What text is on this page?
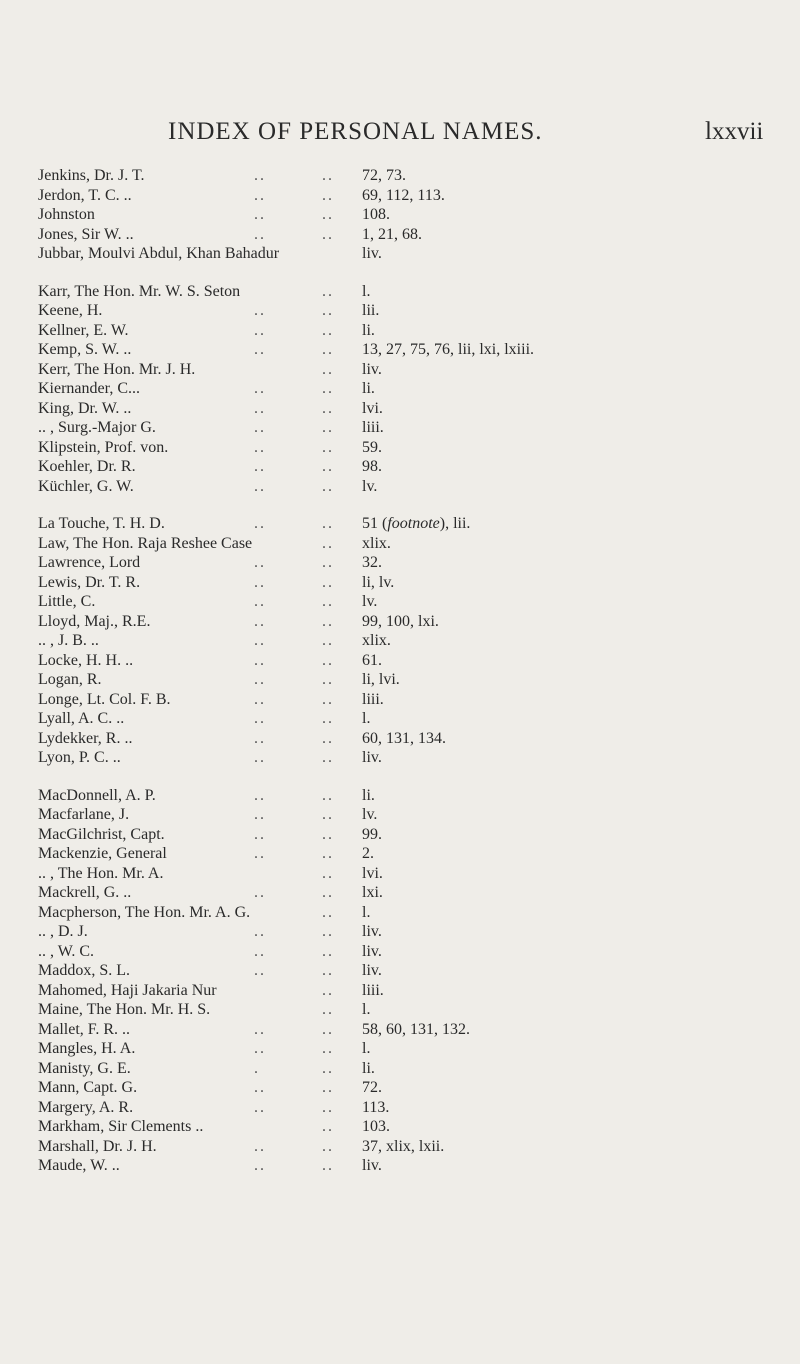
INDEX OF PERSONAL NAMES.	lxxvii
Jenkins, Dr. J. T.	..	.. 72, 73.
Jerdon, T. C. ..	..	.. 69, 112, 113.
Johnston	..	.. 108.
Jones, Sir W. ..	..	.. 1, 21, 68.
Jubbar, Moulvi Abdul, Khan Bahadur	liv.
Karr, The Hon. Mr. W. S. Seton	.. l.
Keene, H.	..	.. lii.
Kellner, E. W.	..	.. li.
Kemp, S. W. ..	..	.. 13, 27, 75, 76, lii, lxi, lxiii.
Kerr, The Hon. Mr. J. H.	.. liv.
Kiernander, C...	..	.. li.
King, Dr. W. ..	..	.. lvi.
.. , Surg.-Major G.	..	.. liii.
Klipstein, Prof. von.	..	.. 59.
Koehler, Dr. R.	..	.. 98.
Küchler, G. W.	..	.. lv.
La Touche, T. H. D.	..	.. 51 (footnote), lii.
Law, The Hon. Raja Reshee Case	.. xlix.
Lawrence, Lord	..	.. 32.
Lewis, Dr. T. R.	..	.. li, lv.
Little, C.	..	.. lv.
Lloyd, Maj., R.E.	..	.. 99, 100, lxi.
.. , J. B. ..	..	.. xlix.
Locke, H. H. ..	..	.. 61.
Logan, R.	..	.. li, lvi.
Longe, Lt. Col. F. B.	..	.. liii.
Lyall, A. C. ..	..	.. l.
Lydekker, R. ..	..	.. 60, 131, 134.
Lyon, P. C. ..	..	.. liv.
MacDonnell, A. P.	..	.. li.
Macfarlane, J.	..	.. lv.
MacGilchrist, Capt.	..	.. 99.
Mackenzie, General	..	.. 2.
.. , The Hon. Mr. A.	.. lvi.
Mackrell, G. ..	..	.. lxi.
Macpherson, The Hon. Mr. A. G.	.. l.
.. , D. J.	..	.. liv.
.. , W. C.	..	.. liv.
Maddox, S. L.	..	.. liv.
Mahomed, Haji Jakaria Nur	.. liii.
Maine, The Hon. Mr. H. S.	.. l.
Mallet, F. R. ..	..	.. 58, 60, 131, 132.
Mangles, H. A.	..	.. l.
Manisty, G. E.	.	.. li.
Mann, Capt. G.	..	.. 72.
Margery, A. R.	..	.. 113.
Markham, Sir Clements ..	.. 103.
Marshall, Dr. J. H.	..	.. 37, xlix, lxii.
Maude, W. ..	..	.. liv.
